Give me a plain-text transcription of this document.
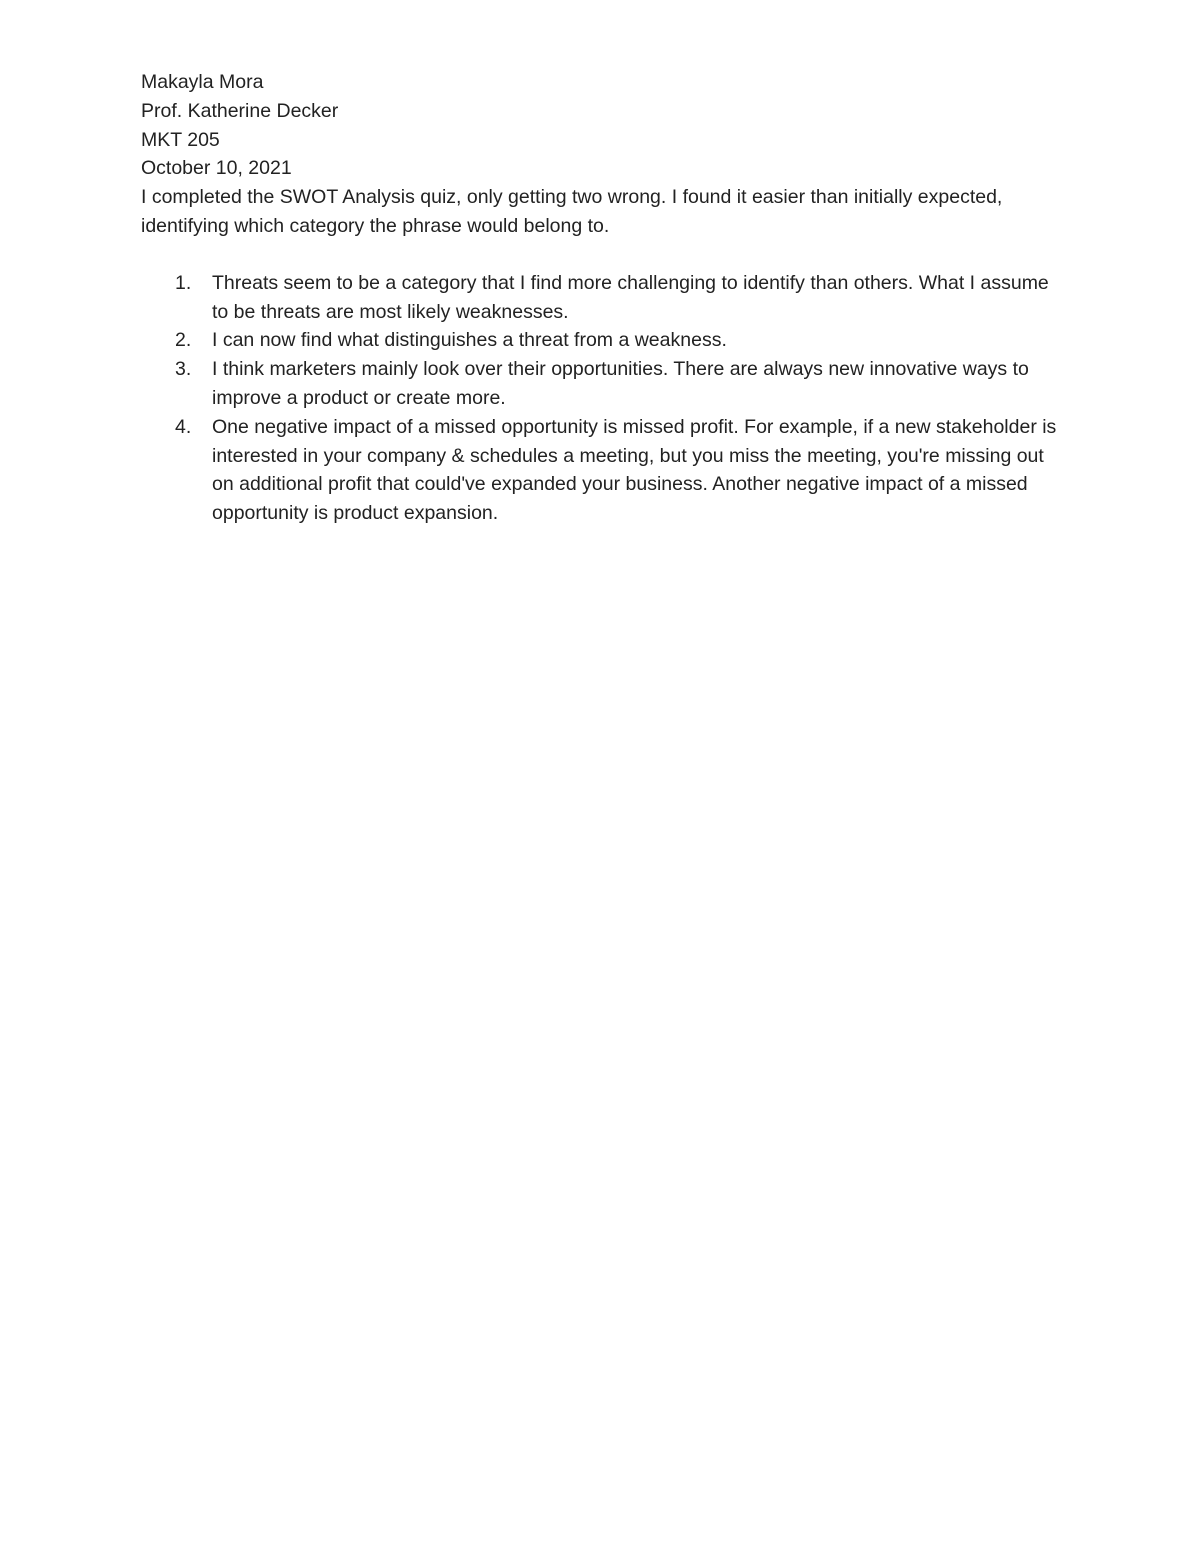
Makayla Mora

Prof. Katherine Decker

MKT 205

October 10, 2021

I completed the SWOT Analysis quiz, only getting two wrong. I found it easier than initially expected, identifying which category the phrase would belong to.

1.	Threats seem to be a category that I find more challenging to identify than others. What I assume to be threats are most likely weaknesses.
2.	I can now find what distinguishes a threat from a weakness.
3.	I think marketers mainly look over their opportunities. There are always new innovative ways to improve a product or create more.
4.	One negative impact of a missed opportunity is missed profit. For example, if a new stakeholder is interested in your company & schedules a meeting, but you miss the meeting, you're missing out on additional profit that could've expanded your business. Another negative impact of a missed opportunity is product expansion.
